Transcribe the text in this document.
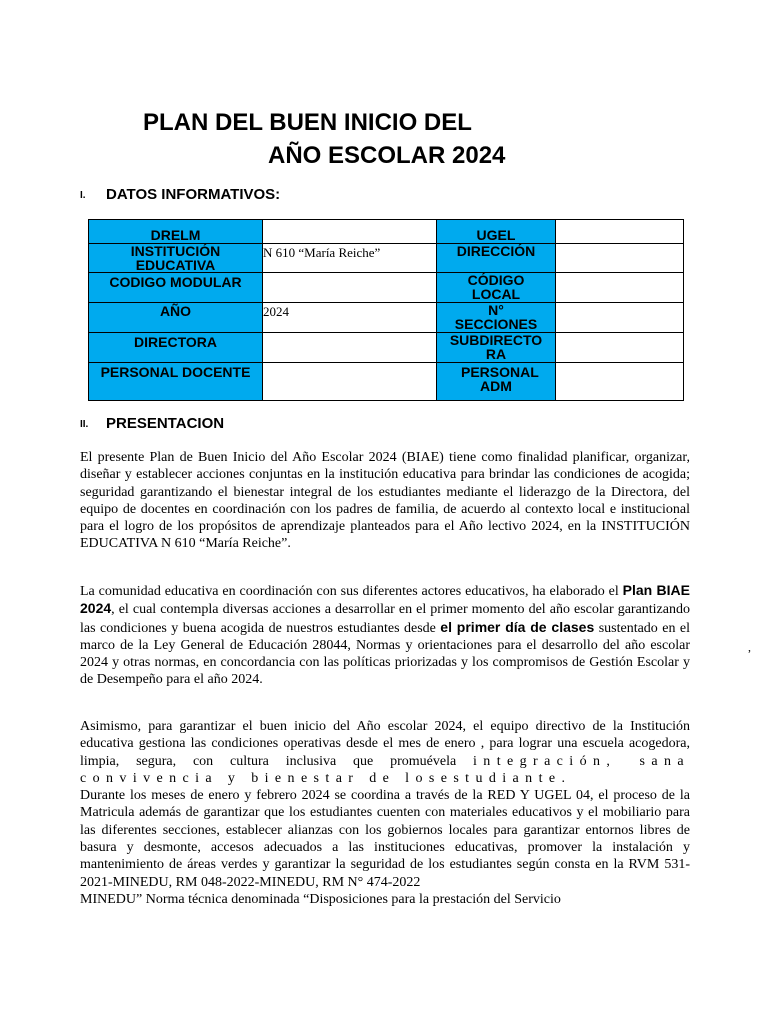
PLAN DEL BUEN INICIO DEL
AÑO ESCOLAR 2024
I. DATOS INFORMATIVOS:
DRELM		UGEL	
INSTITUCIÓN EDUCATIVA	N 610 “María Reiche”	DIRECCIÓN	
CODIGO MODULAR		CÓDIGO LOCAL	
AÑO	2024	N° SECCIONES	
DIRECTORA		SUBDIRECTORA	
PERSONAL DOCENTE		PERSONAL ADM	
II. PRESENTACION

El presente Plan de Buen Inicio del Año Escolar 2024 (BIAE) tiene como finalidad planificar, organizar, diseñar y establecer acciones conjuntas en la institución educativa para brindar las condiciones de acogida; seguridad garantizando el bienestar integral de los estudiantes mediante el liderazgo de la Directora, del equipo de docentes en coordinación con los padres de familia, de acuerdo al contexto local e institucional para el logro de los propósitos de aprendizaje planteados para el Año lectivo 2024, en la INSTITUCIÓN EDUCATIVA N 610 “María Reiche”.

La comunidad educativa en coordinación con sus diferentes actores educativos, ha elaborado el Plan BIAE 2024, el cual contempla diversas acciones a desarrollar en el primer momento del año escolar garantizando las condiciones y buena acogida de nuestros estudiantes desde el primer día de clases sustentado en el marco de la Ley General de Educación 28044, Normas y orientaciones para el desarrollo del año escolar 2024 y otras normas, en concordancia con las políticas priorizadas y los compromisos de Gestión Escolar y de Desempeño para el año 2024.

Asimismo, para garantizar el buen inicio del Año escolar 2024, el equipo directivo de la Institución educativa gestiona las condiciones operativas desde el mes de enero , para lograr una escuela acogedora, limpia, segura, con cultura inclusiva que promuévela integración, sana convivencia y bienestar de losestudiante.
Durante los meses de enero y febrero 2024 se coordina a través de la RED Y UGEL 04, el proceso de la Matricula además de garantizar que los estudiantes cuenten con materiales educativos y el mobiliario para las diferentes secciones, establecer alianzas con los gobiernos locales para garantizar entornos libres de basura y desmonte, accesos adecuados a las instituciones educativas, promover la instalación y mantenimiento de áreas verdes y garantizar la seguridad de los estudiantes según consta en la RVM 531-2021-MINEDU, RM 048-2022-MINEDU, RM N° 474-2022
MINEDU” Norma técnica denominada “Disposiciones para la prestación del Servicio

,
